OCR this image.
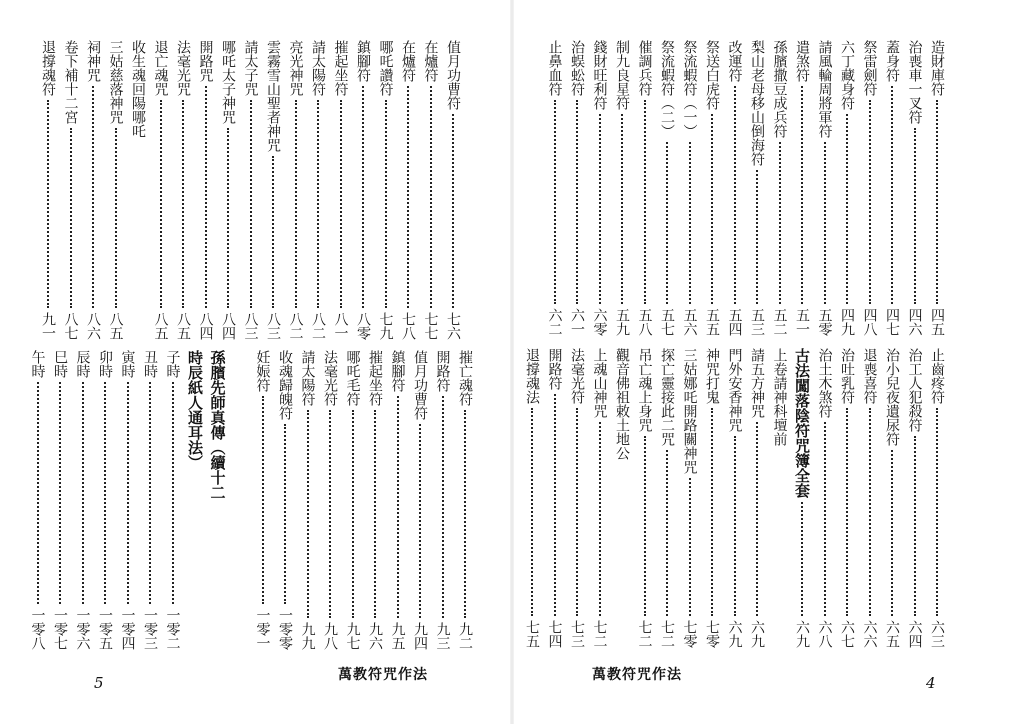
值月功曹符
七六
在爐符
七七
在爐符
七八
哪吒讚符
七九
鎮腳符
八零
摧起坐符
八一
請太陽符
八二
亮光神咒
八二
雲霧雪山聖者神咒
八三
請太子咒
八三
哪吒太子神咒
八四
開路咒
八四
法毫光咒
八五
退亡魂咒
八五
收生魂回陽哪吒
三姑慈落神咒
八五
祠神咒
八六
卷下補十二宮
八七
退撐魂符
九一
摧亡魂符
九二
開路符
九三
值月功曹符
九四
鎮腳符
九五
摧起坐符
九六
哪吒毛符
九七
法毫光符
九八
請太陽符
九九
收魂歸魄符
一零零
妊娠符
一零一
孫臏先師真傳（續十二
時辰紙人通耳法）
子時
一零二
丑時
一零三
寅時
一零四
卯時
一零五
辰時
一零六
巳時
一零七
午時
一零八
萬教符咒作法
5
造財庫符
四五
治喪車一叉符
四六
蓋身符
四七
祭雷劍符
四八
六丁藏身符
四九
請風輪周將軍符
五零
遣煞符
五一
孫臏撒豆成兵符
五二
梨山老母移山倒海符
五三
改運符
五四
祭送白虎符
五五
祭流蝦符（一）
五六
祭流蝦符（二）
五七
催調兵符
五八
制九良星符
五九
錢財旺利符
六零
治蜈蚣符
六一
止鼻血符
六二
止齒疼符
六三
治工人犯殺符
六四
治小兒夜遺尿符
六五
退喪喜符
六六
治吐乳符
六七
治土木煞符
六八
古法闖落陰符咒簿全套
六九
上卷請神科壇前
請五方神咒
六九
門外安香神咒
六九
神咒打鬼
七零
三姑娜吒開路關神咒
七零
探亡靈接此二咒
七二
吊亡魂上身咒
七二
觀音佛祖敕土地公
上魂山神咒
七二
法毫光符
七三
開路符
七四
退撐魂法
七五
萬教符咒作法	4
